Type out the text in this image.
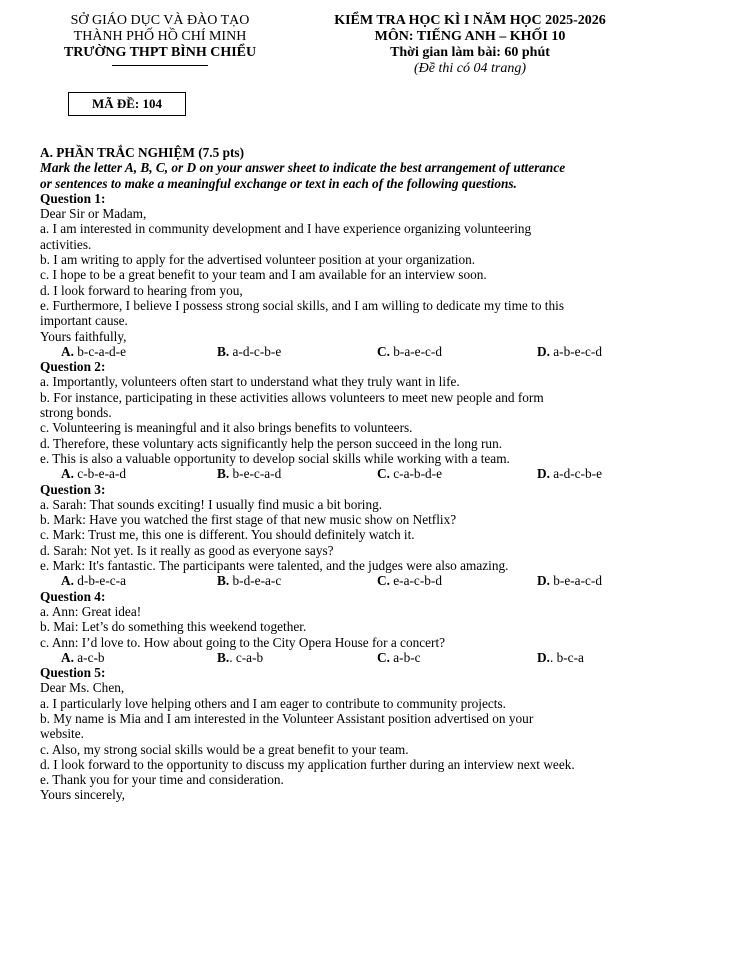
SỞ GIÁO DỤC VÀ ĐÀO TẠO
THÀNH PHỐ HỒ CHÍ MINH
TRƯỜNG THPT BÌNH CHIỂU
KIỂM TRA HỌC KÌ I NĂM HỌC 2025-2026
MÔN: TIẾNG ANH – KHỐI 10
Thời gian làm bài: 60 phút
(Đề thi có 04 trang)
MÃ ĐỀ: 104
A. PHẦN TRẮC NGHIỆM (7.5 pts)
Mark the letter A, B, C, or D on your answer sheet to indicate the best arrangement of utterance
or sentences to make a meaningful exchange or text in each of the following questions.
Question 1:
Dear Sir or Madam,
a. I am interested in community development and I have experience organizing volunteering
activities.
b. I am writing to apply for the advertised volunteer position at your organization.
c. I hope to be a great benefit to your team and I am available for an interview soon.
d. I look forward to hearing from you,
e. Furthermore, I believe I possess strong social skills, and I am willing to dedicate my time to this
important cause.
Yours faithfully,
A. b-c-a-d-e	B. a-d-c-b-e	C. b-a-e-c-d	D. a-b-e-c-d
Question 2:
a. Importantly, volunteers often start to understand what they truly want in life.
b. For instance, participating in these activities allows volunteers to meet new people and form
strong bonds.
c. Volunteering is meaningful and it also brings benefits to volunteers.
d. Therefore, these voluntary acts significantly help the person succeed in the long run.
e. This is also a valuable opportunity to develop social skills while working with a team.
A. c-b-e-a-d	B. b-e-c-a-d	C. c-a-b-d-e	D. a-d-c-b-e
Question 3:
a. Sarah: That sounds exciting! I usually find music a bit boring.
b. Mark: Have you watched the first stage of that new music show on Netflix?
c. Mark: Trust me, this one is different. You should definitely watch it.
d. Sarah: Not yet. Is it really as good as everyone says?
e. Mark: It's fantastic. The participants were talented, and the judges were also amazing.
A. d-b-e-c-a	B. b-d-e-a-c	C. e-a-c-b-d	D. b-e-a-c-d
Question 4:
a. Ann: Great idea!
b. Mai: Let’s do something this weekend together.
c. Ann: I’d love to. How about going to the City Opera House for a concert?
A. a-c-b	B.. c-a-b	C. a-b-c	D.. b-c-a
Question 5:
Dear Ms. Chen,
a. I particularly love helping others and I am eager to contribute to community projects.
b. My name is Mia and I am interested in the Volunteer Assistant position advertised on your
website.
c. Also, my strong social skills would be a great benefit to your team.
d. I look forward to the opportunity to discuss my application further during an interview next week.
e. Thank you for your time and consideration.
Yours sincerely,
